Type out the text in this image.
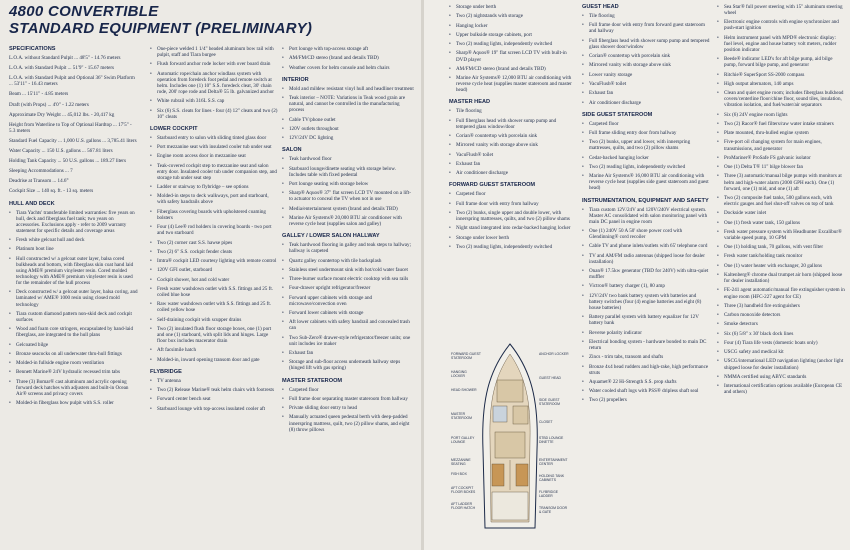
4800 CONVERTIBLE
STANDARD EQUIPMENT (PRELIMINARY)
SPECIFICATIONS
L.O.A. without Standard Pulpit ... 48'5" - 14.76 meters
L.O.A. with Standard Pulpit ... 51'9" - 15.67 meters
L.O.A. with Standard Pulpit and Optional 36" Swim Platform ... 53'11" - 16.43 meters
Beam ... 15'11" - 4.85 meters
Draft (with Props) ... 4'0" - 1.22 meters
Approximate Dry Weight ... 45,012 lbs. - 20,417 kg
Height from Waterline to Top of Optional Hardtop ... 17'5" - 5.3 meters
Standard Fuel Capacity ... 1,000 U.S. gallons ... 3,785.41 liters
Water Capacity ... 150 U.S. gallons ... 567.81 liters
Holding Tank Capacity ... 50 U.S. gallons ... 189.27 liters
Sleeping Accommodations ... 7
Deadrise at Transom ... 14.6°
Cockpit Size ... 140 sq. ft. - 13 sq. meters
HULL AND DECK
•	Tiara Yachts' transferable limited warranties: five years on hull, deck and fiberglass fuel tank; two years on accessories. Exclusions apply - refer to 2009 warranty statement for specific details and coverage areas
•	Fresh white gelcoat hull and deck
•	Platinum boot line
•	Hull constructed w/ a gelcoat outer layer, balsa cored bulkheads and bottom, with fiberglass skin coat hand laid using AME® premium vinylester resin. Cored molded technology with AME® premium vinylester resin is used for the remainder of the hull process
•	Deck constructed w/ a gelcoat outer layer, balsa coring, and laminated w/ AME® 1000 resin using closed mold technology
•	Tiara custom diamond pattern non-skid deck and cockpit surfaces
•	Wood and foam core stringers, encapsulated by hand-laid fiberglass, are integrated to the hull plans
•	Gelcoated bilge
•	Bronze seacocks on all underwater thru-hull fittings
•	Molded-in fullside engine room ventilation
•	Bennett Marine® 24V hydraulic recessed trim tabs
•	Three (3) Bomar® cast aluminum and acrylic opening forward deck hatches with adjusters and built-in Ocean Air® screens and privacy covers
•	Molded-in fiberglass bow pulpit with S.S. roller
•	One-piece welded 1 1/4" headed aluminum bow rail with pulpit, staff and Tiara burgee
•	Flush forward anchor rode locker with over board drain
•	Automatic rope/chain anchor windlass system with operation from foredeck foot pedal and remote switch at helm. Includes one (1) 10" S.S. foredeck cleat, 30' chain rode, 200' rope rode and Delta® 55 lb. galvanized anchor
•	White rubrail with 316L S.S. cap
•	Six (6) S.S. cleats for lines - four (4) 12" cleats and two (2) 10" cleats
LOWER COCKPIT
•	Starboard entry to salon with sliding tinted glass door
•	Port mezzanine seat with insulated cooler tub under seat
•	Engine room access door in mezzanine seat
•	Teak-covered cockpit step to mezzanine seat and salon entry door. Insulated cooler tub under companion step, and storage tub under seat step
•	Ladder or stairway to flybridge – see options
•	Molded-in steps to deck walkways, port and starboard, with safety handrails above
•	Fiberglass covering boards with upholstered coaming bolsters
•	Four (4) Lee® rod holders in covering boards - two port and two starboard
•	Two (2) corner cast S.S. hawse pipes
•	Two (2) 6" S.S. cockpit fender cleats
•	Imtra® cockpit LED courtesy lighting with remote control
•	120V GFI outlet, starboard
•	Cockpit shower, hot and cold water
•	Fresh water washdown outlet with S.S. fittings and 25 ft. coiled blue hose
•	Raw water washdown outlet with S.S. fittings and 25 ft. coiled yellow hose
•	Self-draining cockpit with scupper drains
•	Two (2) insulated flush floor storage boxes, one (1) port and one (1) starboard, with split lids and hinges. Large floor box includes macerator drain
•	Aft facsimile hatch
•	Molded-in, inward opening transom door and gate
FLYBRIDGE
•	TV antenna
•	Two (2) Release Marine® teak helm chairs with footrests
•	Forward center bench seat
•	Starboard lounge with top-access insulated cooler aft
•	Port lounge with top-access storage aft
•	AM/FM/CD stereo (brand and details TBD)
•	Weather covers for helm console and helm chairs
INTERIOR
•	Mold and mildew resistant vinyl hull and headliner treatment
•	Teak interior – NOTE: Variations in Teak wood grain are natural, and cannot be controlled in the manufacturing process
•	Cable TV/phone outlet
•	120V outlets throughout
•	12V/24V DC lighting
SALON
•	Teak hardwood floor
•	Starboard lounge/dinette seating with storage below. Includes table with fixed pedestal
•	Port lounge seating with storage below
•	Sharp® Aquos® 37" flat screen LCD TV mounted on a lift-to actuator to conceal the TV when not in use
•	Media/entertainment system (brand and details TBD)
•	Marine Air Systems® 20,000 BTU air conditioner with reverse cycle heat (supplies salon and galley)
GALLEY / LOWER SALON HALLWAY
•	Teak hardwood flooring in galley and teak steps to hallway; hallway is carpeted
•	Quartz galley countertop with tile backsplash
•	Stainless steel undermount sink with hot/cold water faucet
•	Three-burner surface mount electric cooktop with sea rails
•	Four-drawer upright refrigerator/freezer
•	Forward upper cabinets with storage and microwave/convection oven
•	Forward lower cabinets with storage
•	Aft lower cabinets with safety handrail and concealed trash can
•	Two Sub-Zero® drawer-style refrigerator/freezer units; one unit includes ice maker
•	Exhaust fan
•	Storage and sub-floor access underneath hallway steps (hinged lift with gas spring)
MASTER STATEROOM
•	Carpeted floor
•	Full frame door separating master stateroom from hallway
•	Private sliding door entry to head
•	Manually actuated queen pedestal berth with deep-padded innerspring mattress, quilt, two (2) pillow shams, and eight (8) throw pillows
•	Storage under berth
•	Two (2) nightstands with storage
•	Hanging locker
•	Upper bulkside storage cabinets, port
•	Two (2) reading lights, independently switched
•	Sharp® Aquos® 19" flat screen LCD TV with built-in DVD player
•	AM/FM/CD stereo (brand and details TBD)
•	Marine Air Systems® 12,000 BTU air conditioning with reverse cycle heat (supplies master stateroom and master head)
MASTER HEAD
•	Tile flooring
•	Full fiberglass head with shower sump pump and tempered glass window/door
•	Corian® countertop with porcelain sink
•	Mirrored vanity with storage above sink
•	VacuFlush® toilet
•	Exhaust fan
•	Air conditioner discharge
FORWARD GUEST STATEROOM
•	Carpeted floor
•	Full frame door with entry from hallway
•	Two (2) bunks, single upper and double lower, with innerspring mattresses, quilts, and two (2) pillow shams
•	Night stand integrated into cedar-backed hanging locker
•	Storage under lower berth
•	Two (2) reading lights, independently switched
GUEST HEAD
•	Tile flooring
•	Full frame door with entry from forward guest stateroom and hallway
•	Full fiberglass head with shower sump pump and tempered glass shower door/window
•	Corian® countertop with porcelain sink
•	Mirrored vanity with storage above sink
•	Lower vanity storage
•	VacuFlush® toilet
•	Exhaust fan
•	Air conditioner discharge
SIDE GUEST STATEROOM
•	Carpeted floor
•	Full frame sliding entry door from hallway
•	Two (2) bunks, upper and lower, with innerspring mattresses, quilts, and two (2) pillow shams
•	Cedar-backed hanging locker
•	Two (2) reading lights, independently switched
•	Marine Air Systems® 16,000 BTU air conditioning with reverse cycle heat (supplies side guest stateroom and guest head)
INSTRUMENTATION, EQUIPMENT AND SAFETY
•	Tiara custom 12V/24V and 120V/240V electrical system. Master AC consolidated with salon monitoring panel with main DC panel in engine room
•	One (1) 240V 50 A 50' shore power cord with Glendinning® cord recoiler
•	Cable TV and phone inlets/outlets with 65' telephone cord
•	TV and AM/FM radio antennas (shipped loose for dealer installation)
•	Onan® 17.5kw generator (TBD for 240V) with ultra-quiet muffler
•	Victron® battery charger (1), 80 amp
•	12V/24V two bank battery system with batteries and battery switches (four (4) engine batteries and eight (8) house batteries)
•	Battery parallel system with battery equalizer for 12V battery bank
•	Reverse polarity indicator
•	Electrical bonding system - hardware bonded to main DC return
•	Zincs - trim tabs, transom and shafts
•	Bronze 4x4 head rudders and high-rake, high performance struts
•	Aquamet® 22 Hi-Strength S.S. prop shafts
•	Water cooled shaft logs with PSS® dripless shaft seal
•	Two (2) propellers
•	Sea Star® full power steering with 15" aluminum steering wheel
•	Electronic engine controls with engine synchronizer and push-start ignition
•	Helm instrument panel with MPD® electronic display: fuel level, engine and house battery volt meters, rudder position indicator
•	Beede® indicator LED's for aft bilge pump, aid bilge pump, forward bilge pump, and generator
•	Ritchie® SuperSport SS-2000 compass
•	High output alternators, 140 amps
•	Clean and quiet engine room; includes fiberglass bulkhead covers/centerline floor/chine floor, sound tiles, insulation, vibration isolation, and fuel/water/air separators
•	Six (6) 24V engine room lights
•	Two (2) Racor® fuel filters/raw water intake strainers
•	Plate mounted, thru-hulled engine system
•	Five-port oil changing system for main engines, transmissions, and generator
•	ProMariner® ProSafe FS galvanic isolator
•	One (1) Delta T® 11" bilge blower fan
•	Three (3) automatic/manual bilge pumps with monitors at helm and high-water alarm (2000 GPH each). One (1) forward, one (1) mid, and one (1) aft
•	Two (2) composite fuel tanks, 500 gallons each, with electric gauges and fuel shut-off valves on top of tank
•	Dockside water inlet
•	One (1) fresh water tank, 150 gallons
•	Fresh water pressure system with Headhunter Excalibur® variable speed pump, 10 GPM
•	One (1) holding tank, 70 gallons, with vent filter
•	Fresh water tank/holding tank monitor
•	One (1) water heater with exchanger, 20 gallons
•	Kaltenberg® chrome dual trumpet air horn (shipped loose for dealer installation)
•	FE-241 agent automatic/manual fire extinguisher system in engine room (HFC-227 agent for CE)
•	Three (3) handheld fire extinguishers
•	Carbon monoxide detectors
•	Smoke detectors
•	Six (6) 5/8" x 30' black dock lines
•	Four (4) Tiara life vests (domestic boats only)
•	USCG safety and medical kit
•	USCG/international LED navigation lighting (anchor light shipped loose for dealer installation)
•	NMMA certified using ABYC standards
•	International certification options available (European CE and others)
FORWARD GUEST STATEROOM
HANGING LOCKER
ANCHOR LOCKER
GUEST HEAD
HEAD SHOWER
SIDE GUEST STATEROOM
CLOSET
MASTER STATEROOM
PORT GALLEY LOUNGE
STBD LOUNGE DINETTE
MEZZANINE SEATING
FISH BOX
ENTERTAINMENT CENTER
HOLDING TANK CABINETS
AFT COCKPIT FLOOR BOXES	FLYBRIDGE LADDER
AFT LADDER FLOOR HATCH	TRANSOM DOOR & GATE
